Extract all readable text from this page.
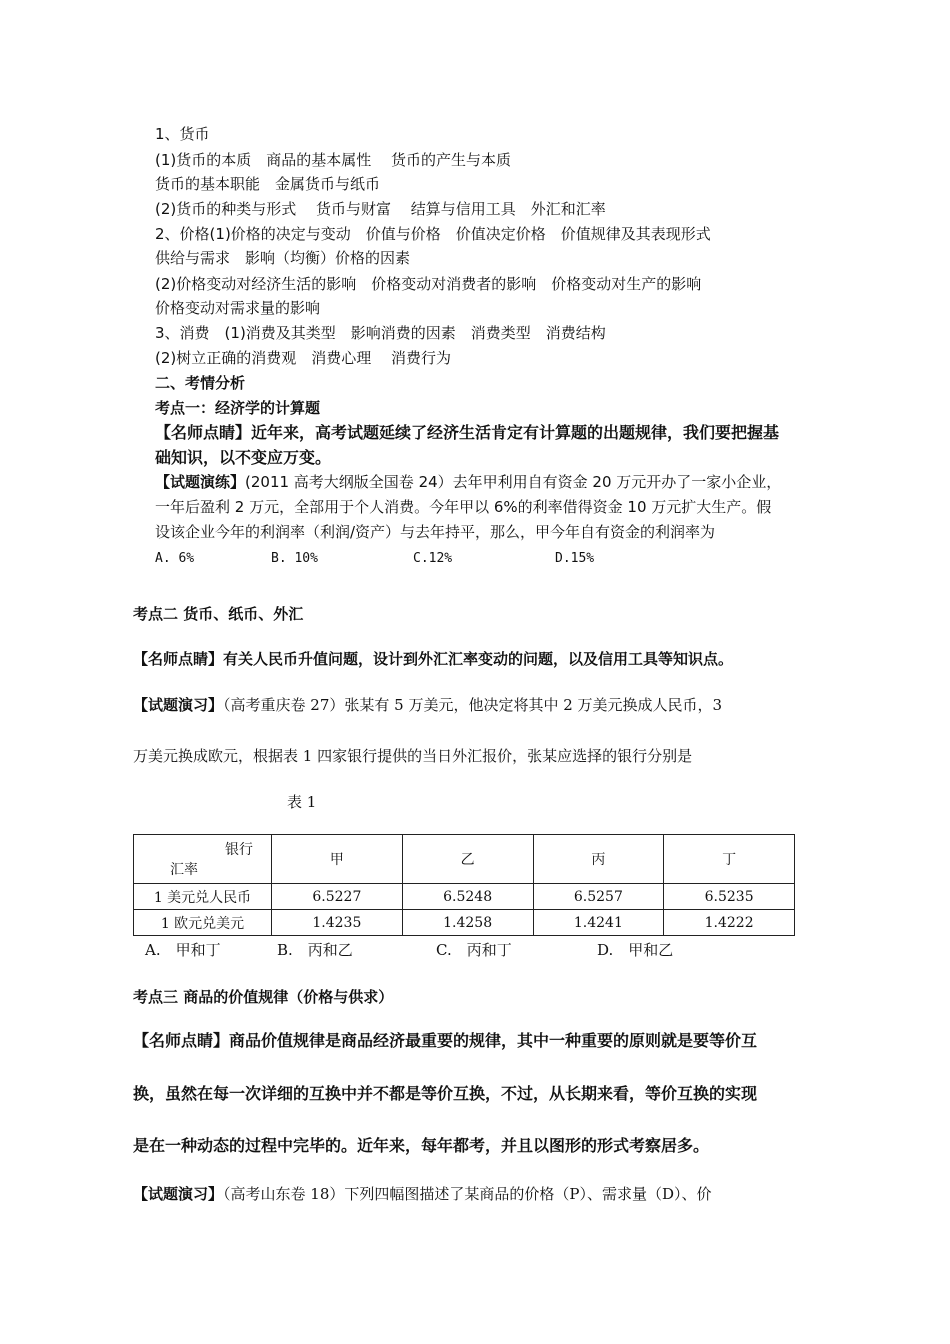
1、货币
(1)货币的本质　商品的基本属性　 货币的产生与本质
货币的基本职能　金属货币与纸币
(2)货币的种类与形式　 货币与财富　 结算与信用工具　外汇和汇率
2、价格(1)价格的决定与变动　价值与价格　价值决定价格　价值规律及其表现形式
供给与需求　影响（均衡）价格的因素
(2)价格变动对经济生活的影响　价格变动对消费者的影响　价格变动对生产的影响
价格变动对需求量的影响
3、消费　(1)消费及其类型　影响消费的因素　消费类型　消费结构
(2)树立正确的消费观　消费心理　 消费行为
二、考情分析
考点一：经济学的计算题
【名师点睛】近年来，高考试题延续了经济生活肯定有计算题的出题规律，我们要把握基
础知识，以不变应万变。
【试题演练】(2011 高考大纲版全国卷 24）去年甲利用自有资金 20 万元开办了一家小企业，
一年后盈利 2 万元，全部用于个人消费。今年甲以 6%的利率借得资金 10 万元扩大生产。假
设该企业今年的利润率（利润/资产）与去年持平，那么，甲今年自有资金的利润率为
A. 6%	B. 10%	C.12%	D.15%
考点二 货币、纸币、外汇
【名师点睛】有关人民币升值问题，设计到外汇汇率变动的问题，以及信用工具等知识点。
【试题演习】（高考重庆卷 27）张某有 5 万美元，他决定将其中 2 万美元换成人民币，3
万美元换成欧元，根据表 1 四家银行提供的当日外汇报价，张某应选择的银行分别是
表 1
银行
汇率	甲	乙	丙	丁
1 美元兑人民币	6.5227	6.5248	6.5257	6.5235
1 欧元兑美元	1.4235	1.4258	1.4241	1.4222
A.　甲和丁	B.　丙和乙	C.　丙和丁	D.　甲和乙
考点三 商品的价值规律（价格与供求）
【名师点睛】商品价值规律是商品经济最重要的规律，其中一种重要的原则就是要等价互
换，虽然在每一次详细的互换中并不都是等价互换，不过，从长期来看，等价互换的实现
是在一种动态的过程中完毕的。近年来，每年都考，并且以图形的形式考察居多。
【试题演习】（高考山东卷 18）下列四幅图描述了某商品的价格（P）、需求量（D）、价
